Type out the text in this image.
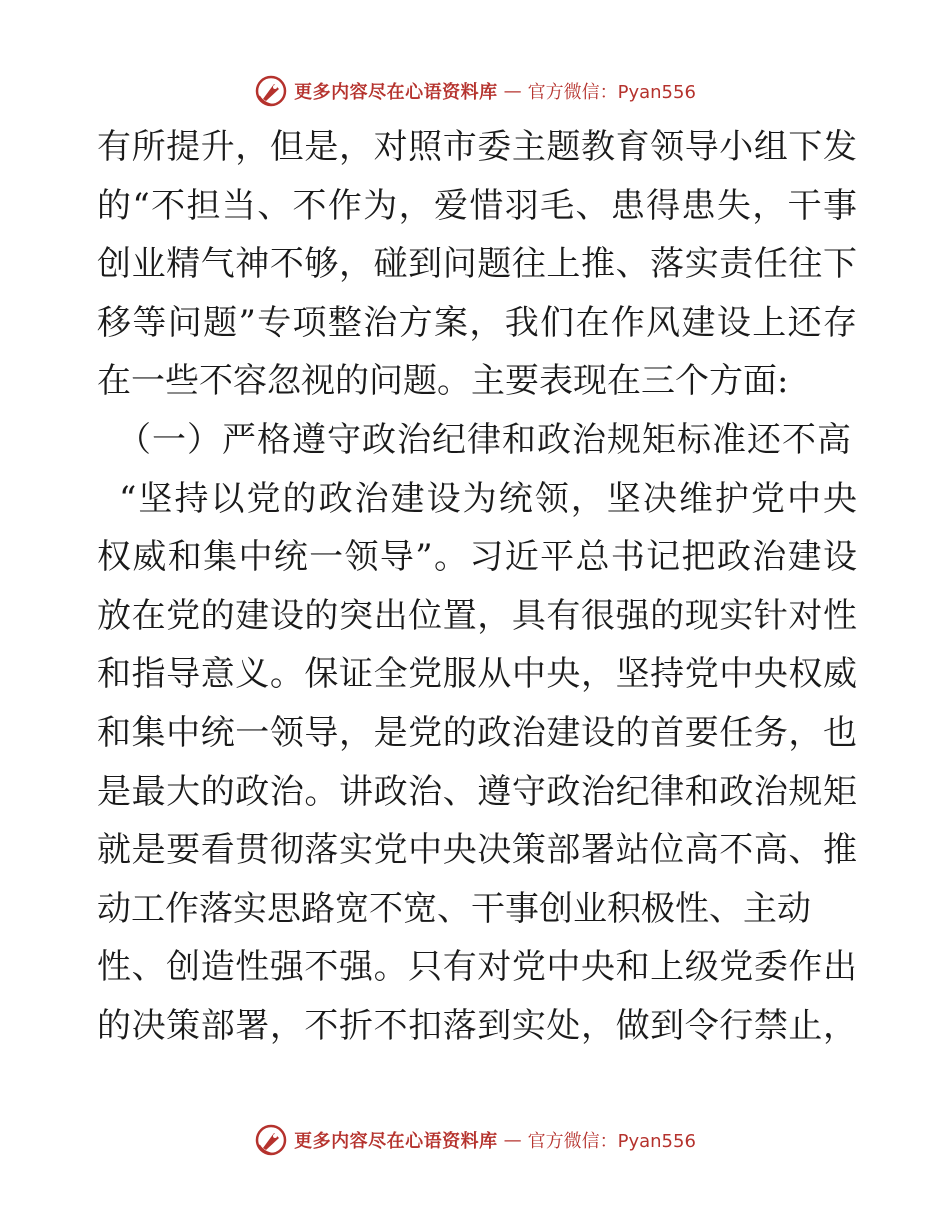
更多内容尽在心语资料库 — 官方微信：Pyan556
有所提升，但是，对照市委主题教育领导小组下发
的“不担当、不作为，爱惜羽毛、患得患失，干事
创业精气神不够，碰到问题往上推、落实责任往下
移等问题”专项整治方案，我们在作风建设上还存
在一些不容忽视的问题。主要表现在三个方面:
（一）严格遵守政治纪律和政治规矩标准还不高
“坚持以党的政治建设为统领，坚决维护党中央
权威和集中统一领导”。习近平总书记把政治建设
放在党的建设的突出位置，具有很强的现实针对性
和指导意义。保证全党服从中央，坚持党中央权威
和集中统一领导，是党的政治建设的首要任务，也
是最大的政治。讲政治、遵守政治纪律和政治规矩
就是要看贯彻落实党中央决策部署站位高不高、推
动工作落实思路宽不宽、干事创业积极性、主动
性、创造性强不强。只有对党中央和上级党委作出
的决策部署，不折不扣落到实处，做到令行禁止，
更多内容尽在心语资料库 — 官方微信：Pyan556
